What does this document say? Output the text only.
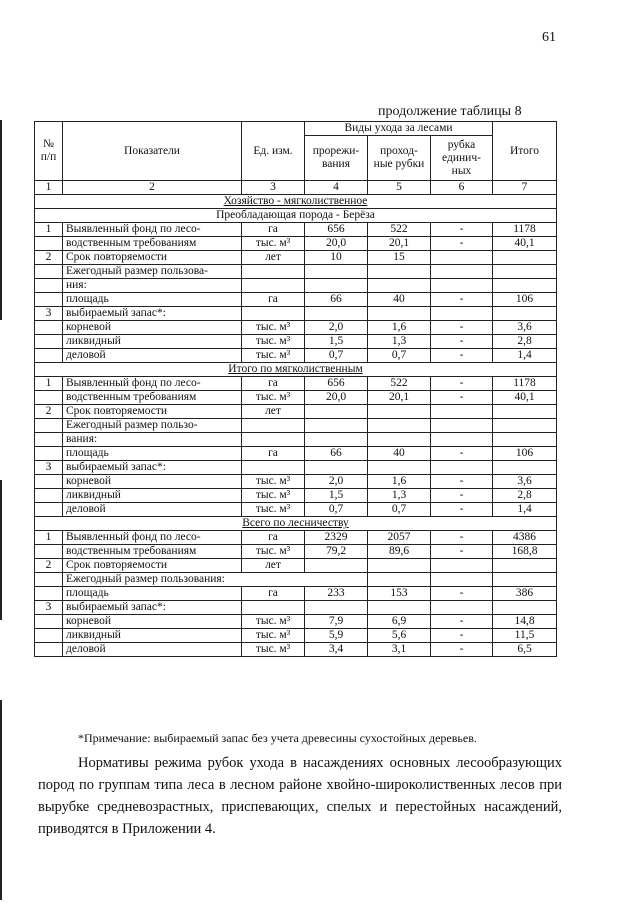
61
продолжение таблицы 8
№ п/п	Показатели	Ед. изм.	Виды ухода за лесами			Итого
			прорежи-вания	проход-ные рубки	рубка единич-ных	
1	2	3	4	5	6	7
Хозяйство - мягколиственное						
Преобладающая порода - Берёза						
1	Выявленный фонд по лесо-	га	656	522	-	1178
	водственным требованиям	тыс. м³	20,0	20,1	-	40,1
2	Срок повторяемости	лет	10	15		
	Ежегодный размер пользова-					
	ния:					
	площадь	га	66	40	-	106
3	выбираемый запас*:					
	корневой	тыс. м³	2,0	1,6	-	3,6
	ликвидный	тыс. м³	1,5	1,3	-	2,8
	деловой	тыс. м³	0,7	0,7	-	1,4
Итого по мягколиственным						
1	Выявленный фонд по лесо-	га	656	522	-	1178
	водственным требованиям	тыс. м³	20,0	20,1	-	40,1
2	Срок повторяемости	лет				
	Ежегодный размер пользо-					
	вания:					
	площадь	га	66	40	-	106
3	выбираемый запас*:					
	корневой	тыс. м³	2,0	1,6	-	3,6
	ликвидный	тыс. м³	1,5	1,3	-	2,8
	деловой	тыс. м³	0,7	0,7	-	1,4
Всего по лесничеству						
1	Выявленный фонд по лесо-	га	2329	2057	-	4386
	водственным требованиям	тыс. м³	79,2	89,6	-	168,8
2	Срок повторяемости	лет				
	Ежегодный размер пользования:					
	площадь	га	233	153	-	386
3	выбираемый запас*:					
	корневой	тыс. м³	7,9	6,9	-	14,8
	ликвидный	тыс. м³	5,9	5,6	-	11,5
	деловой	тыс. м³	3,4	3,1	-	6,5
*Примечание: выбираемый запас без учета древесины сухостойных деревьев.
Нормативы режима рубок ухода в насаждениях основных лесообразующих пород по группам типа леса в лесном районе хвойно-широколиственных лесов при вырубке средневозрастных, приспевающих, спелых и перестойных насаждений, приводятся в Приложении 4.
